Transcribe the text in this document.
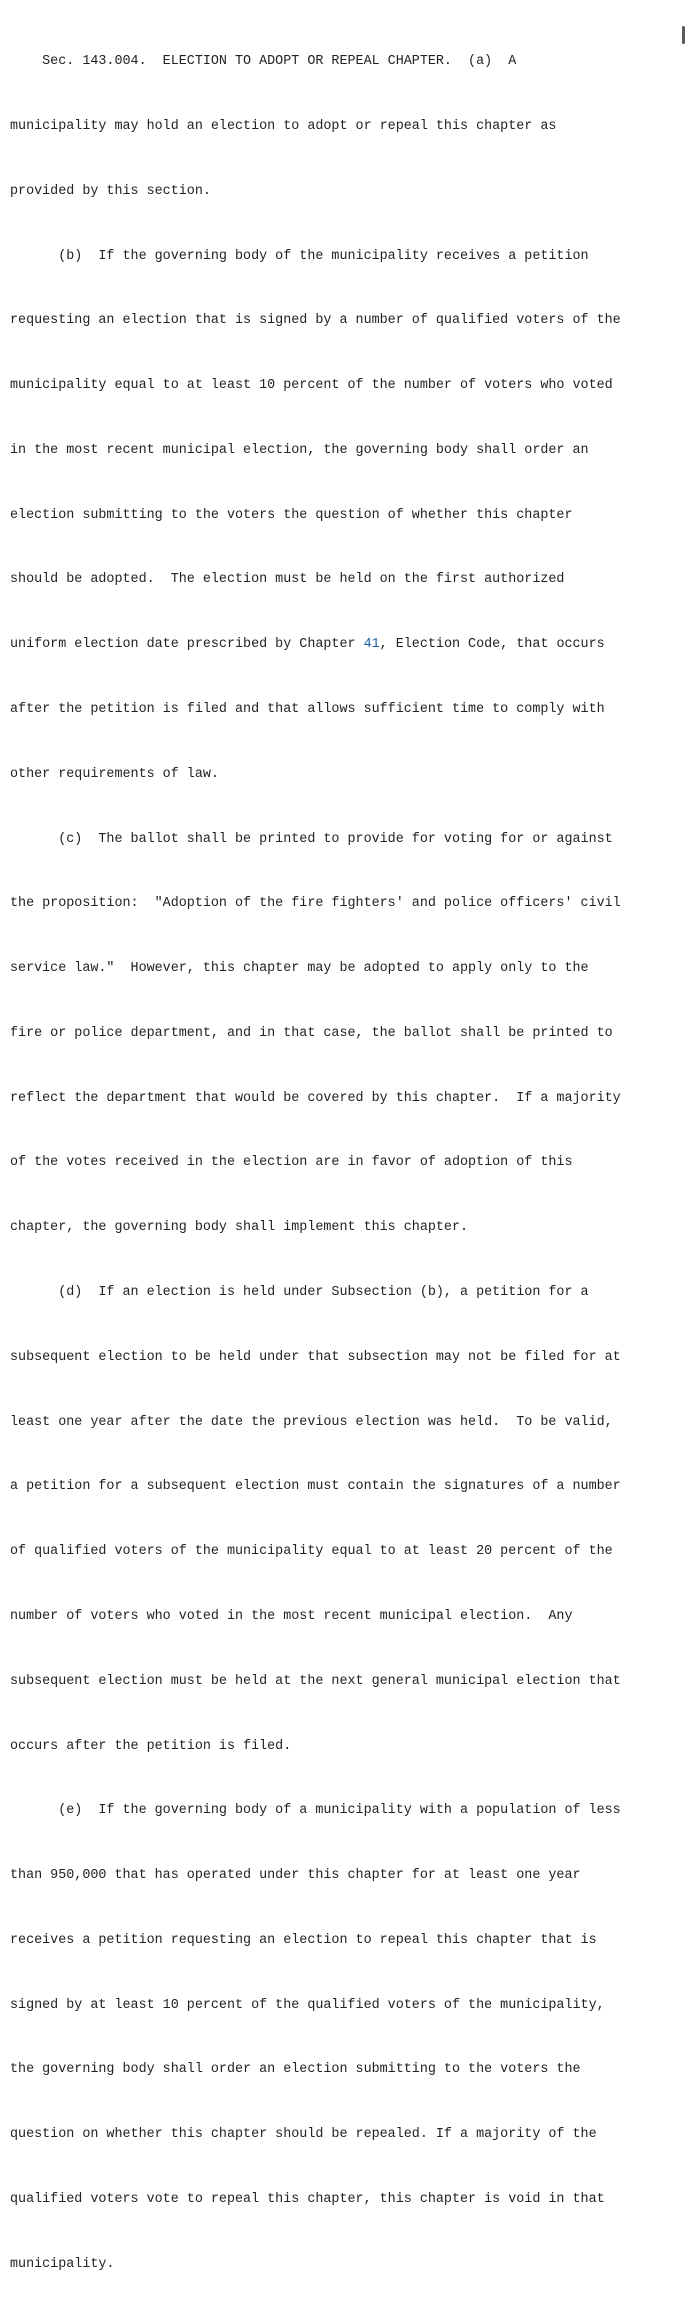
Sec. 143.004.  ELECTION TO ADOPT OR REPEAL CHAPTER.  (a)  A

municipality may hold an election to adopt or repeal this chapter as

provided by this section.

(b)  If the governing body of the municipality receives a petition

requesting an election that is signed by a number of qualified voters of the

municipality equal to at least 10 percent of the number of voters who voted

in the most recent municipal election, the governing body shall order an

election submitting to the voters the question of whether this chapter

should be adopted.  The election must be held on the first authorized

uniform election date prescribed by Chapter 41, Election Code, that occurs

after the petition is filed and that allows sufficient time to comply with

other requirements of law.

(c)  The ballot shall be printed to provide for voting for or against

the proposition:  "Adoption of the fire fighters' and police officers' civil

service law."  However, this chapter may be adopted to apply only to the

fire or police department, and in that case, the ballot shall be printed to

reflect the department that would be covered by this chapter.  If a majority

of the votes received in the election are in favor of adoption of this

chapter, the governing body shall implement this chapter.

(d)  If an election is held under Subsection (b), a petition for a

subsequent election to be held under that subsection may not be filed for at

least one year after the date the previous election was held.  To be valid,

a petition for a subsequent election must contain the signatures of a number

of qualified voters of the municipality equal to at least 20 percent of the

number of voters who voted in the most recent municipal election.  Any

subsequent election must be held at the next general municipal election that

occurs after the petition is filed.

(e)  If the governing body of a municipality with a population of less

than 950,000 that has operated under this chapter for at least one year

receives a petition requesting an election to repeal this chapter that is

signed by at least 10 percent of the qualified voters of the municipality,

the governing body shall order an election submitting to the voters the

question on whether this chapter should be repealed. If a majority of the

qualified voters vote to repeal this chapter, this chapter is void in that

municipality.
